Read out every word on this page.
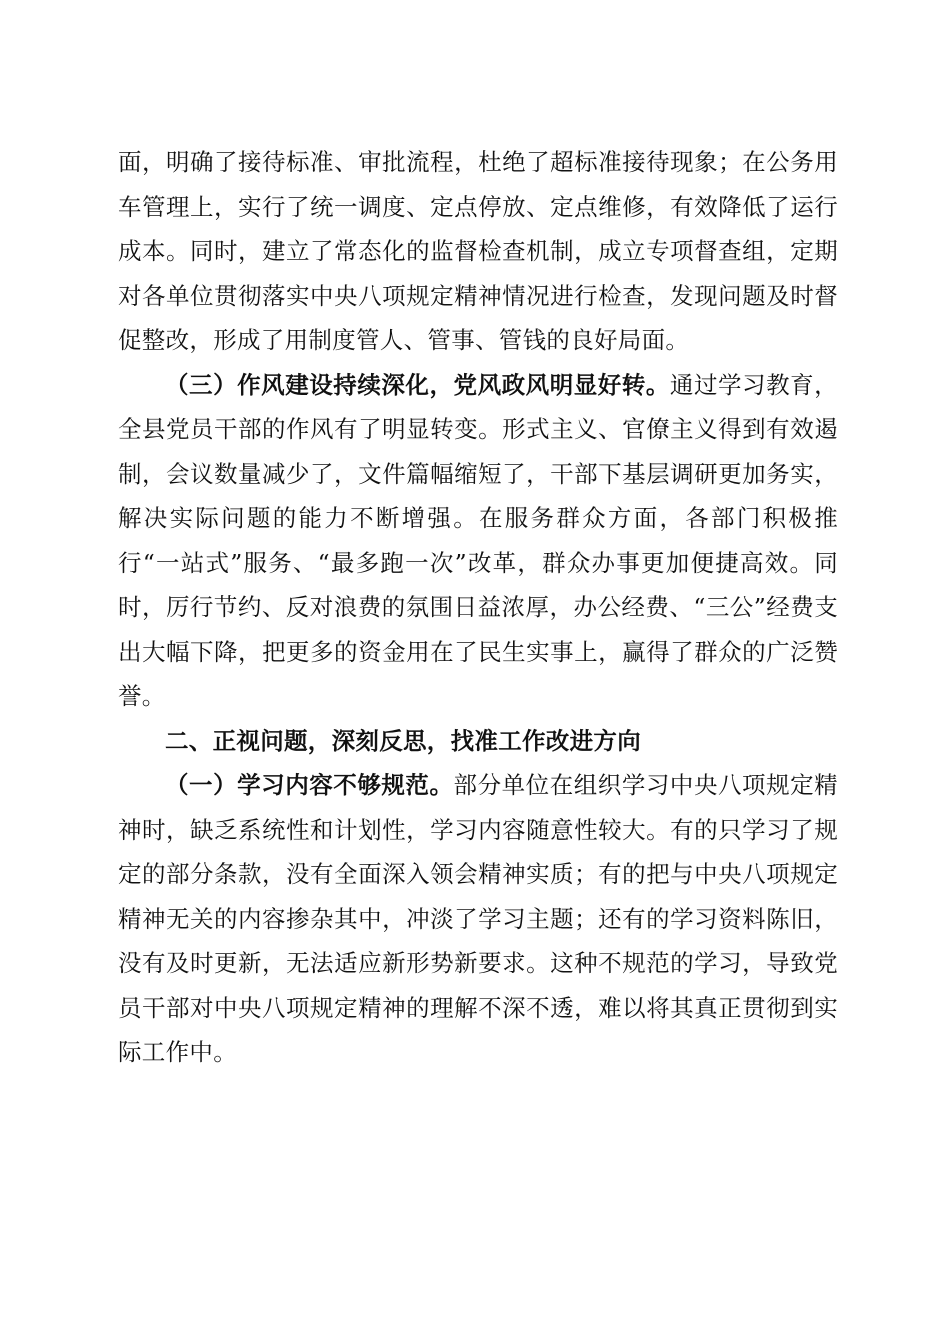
面，明确了接待标准、审批流程，杜绝了超标准接待现象；在公务用车管理上，实行了统一调度、定点停放、定点维修，有效降低了运行成本。同时，建立了常态化的监督检查机制，成立专项督查组，定期对各单位贯彻落实中央八项规定精神情况进行检查，发现问题及时督促整改，形成了用制度管人、管事、管钱的良好局面。

（三）作风建设持续深化，党风政风明显好转。通过学习教育，全县党员干部的作风有了明显转变。形式主义、官僚主义得到有效遏制，会议数量减少了，文件篇幅缩短了，干部下基层调研更加务实，解决实际问题的能力不断增强。在服务群众方面，各部门积极推行“一站式”服务、“最多跑一次”改革，群众办事更加便捷高效。同时，厉行节约、反对浪费的氛围日益浓厚，办公经费、“三公”经费支出大幅下降，把更多的资金用在了民生实事上，赢得了群众的广泛赞誉。

二、正视问题，深刻反思，找准工作改进方向

（一）学习内容不够规范。部分单位在组织学习中央八项规定精神时，缺乏系统性和计划性，学习内容随意性较大。有的只学习了规定的部分条款，没有全面深入领会精神实质；有的把与中央八项规定精神无关的内容掺杂其中，冲淡了学习主题；还有的学习资料陈旧，没有及时更新，无法适应新形势新要求。这种不规范的学习，导致党员干部对中央八项规定精神的理解不深不透，难以将其真正贯彻到实际工作中。
